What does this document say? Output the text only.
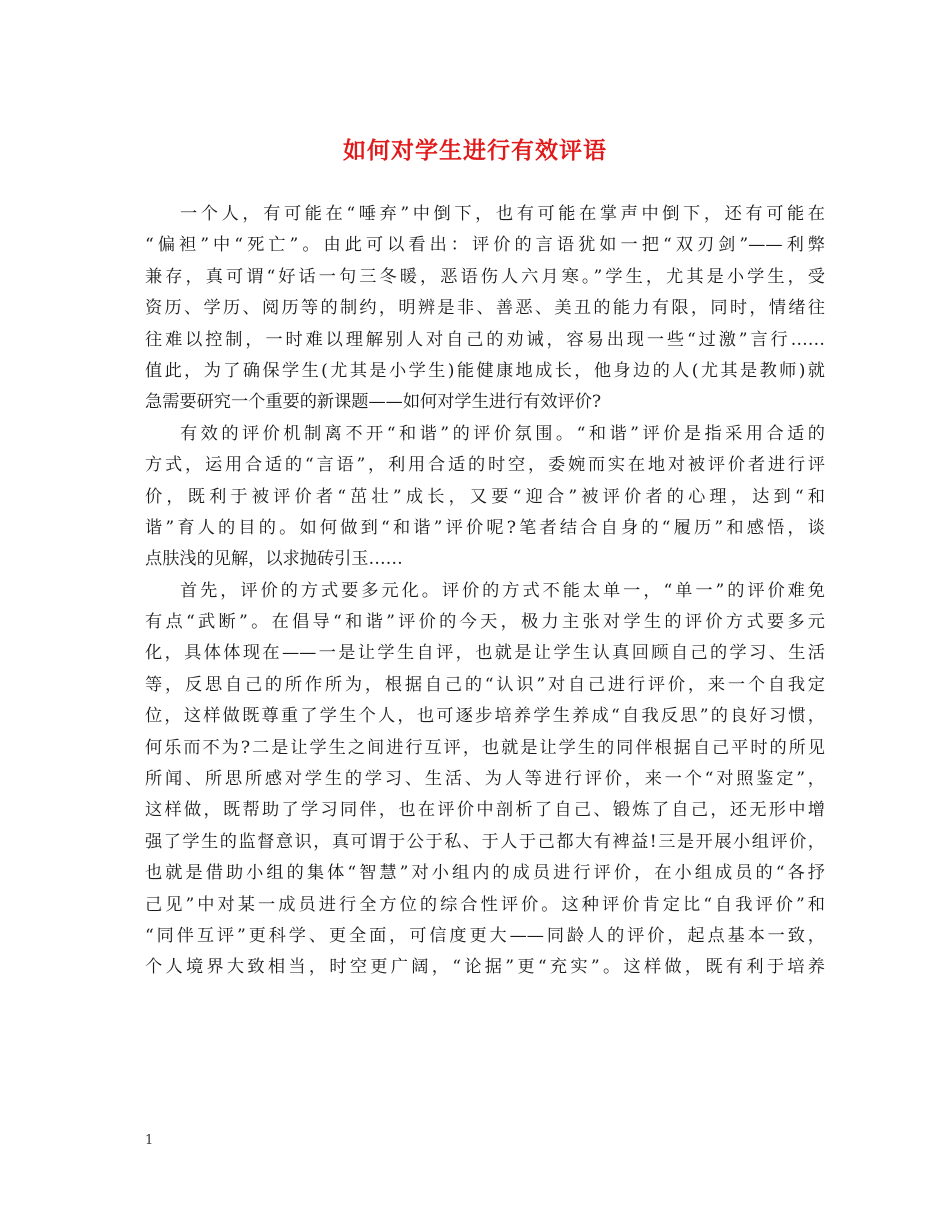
如何对学生进行有效评语
一个人，有可能在“唾弃”中倒下，也有可能在掌声中倒下，还有可能在
“偏袒”中“死亡”。由此可以看出：评价的言语犹如一把“双刃剑”——利弊
兼存，真可谓“好话一句三冬暖，恶语伤人六月寒。”学生，尤其是小学生，受
资历、学历、阅历等的制约，明辨是非、善恶、美丑的能力有限，同时，情绪往
往难以控制，一时难以理解别人对自己的劝诫，容易出现一些“过激”言行……
值此，为了确保学生(尤其是小学生)能健康地成长，他身边的人(尤其是教师)就
急需要研究一个重要的新课题——如何对学生进行有效评价?
有效的评价机制离不开“和谐”的评价氛围。“和谐”评价是指采用合适的
方式，运用合适的“言语”，利用合适的时空，委婉而实在地对被评价者进行评
价，既利于被评价者“茁壮”成长，又要“迎合”被评价者的心理，达到“和
谐”育人的目的。如何做到“和谐”评价呢?笔者结合自身的“履历”和感悟，谈
点肤浅的见解，以求抛砖引玉……
首先，评价的方式要多元化。评价的方式不能太单一，“单一”的评价难免
有点“武断”。在倡导“和谐”评价的今天，极力主张对学生的评价方式要多元
化，具体体现在——一是让学生自评，也就是让学生认真回顾自己的学习、生活
等，反思自己的所作所为，根据自己的“认识”对自己进行评价，来一个自我定
位，这样做既尊重了学生个人，也可逐步培养学生养成“自我反思”的良好习惯，
何乐而不为?二是让学生之间进行互评，也就是让学生的同伴根据自己平时的所见
所闻、所思所感对学生的学习、生活、为人等进行评价，来一个“对照鉴定”，
这样做，既帮助了学习同伴，也在评价中剖析了自己、锻炼了自己，还无形中增
强了学生的监督意识，真可谓于公于私、于人于己都大有裨益!三是开展小组评价，
也就是借助小组的集体“智慧”对小组内的成员进行评价，在小组成员的“各抒
己见”中对某一成员进行全方位的综合性评价。这种评价肯定比“自我评价”和
“同伴互评”更科学、更全面，可信度更大——同龄人的评价，起点基本一致，
个人境界大致相当，时空更广阔，“论据”更“充实”。这样做，既有利于培养
1
